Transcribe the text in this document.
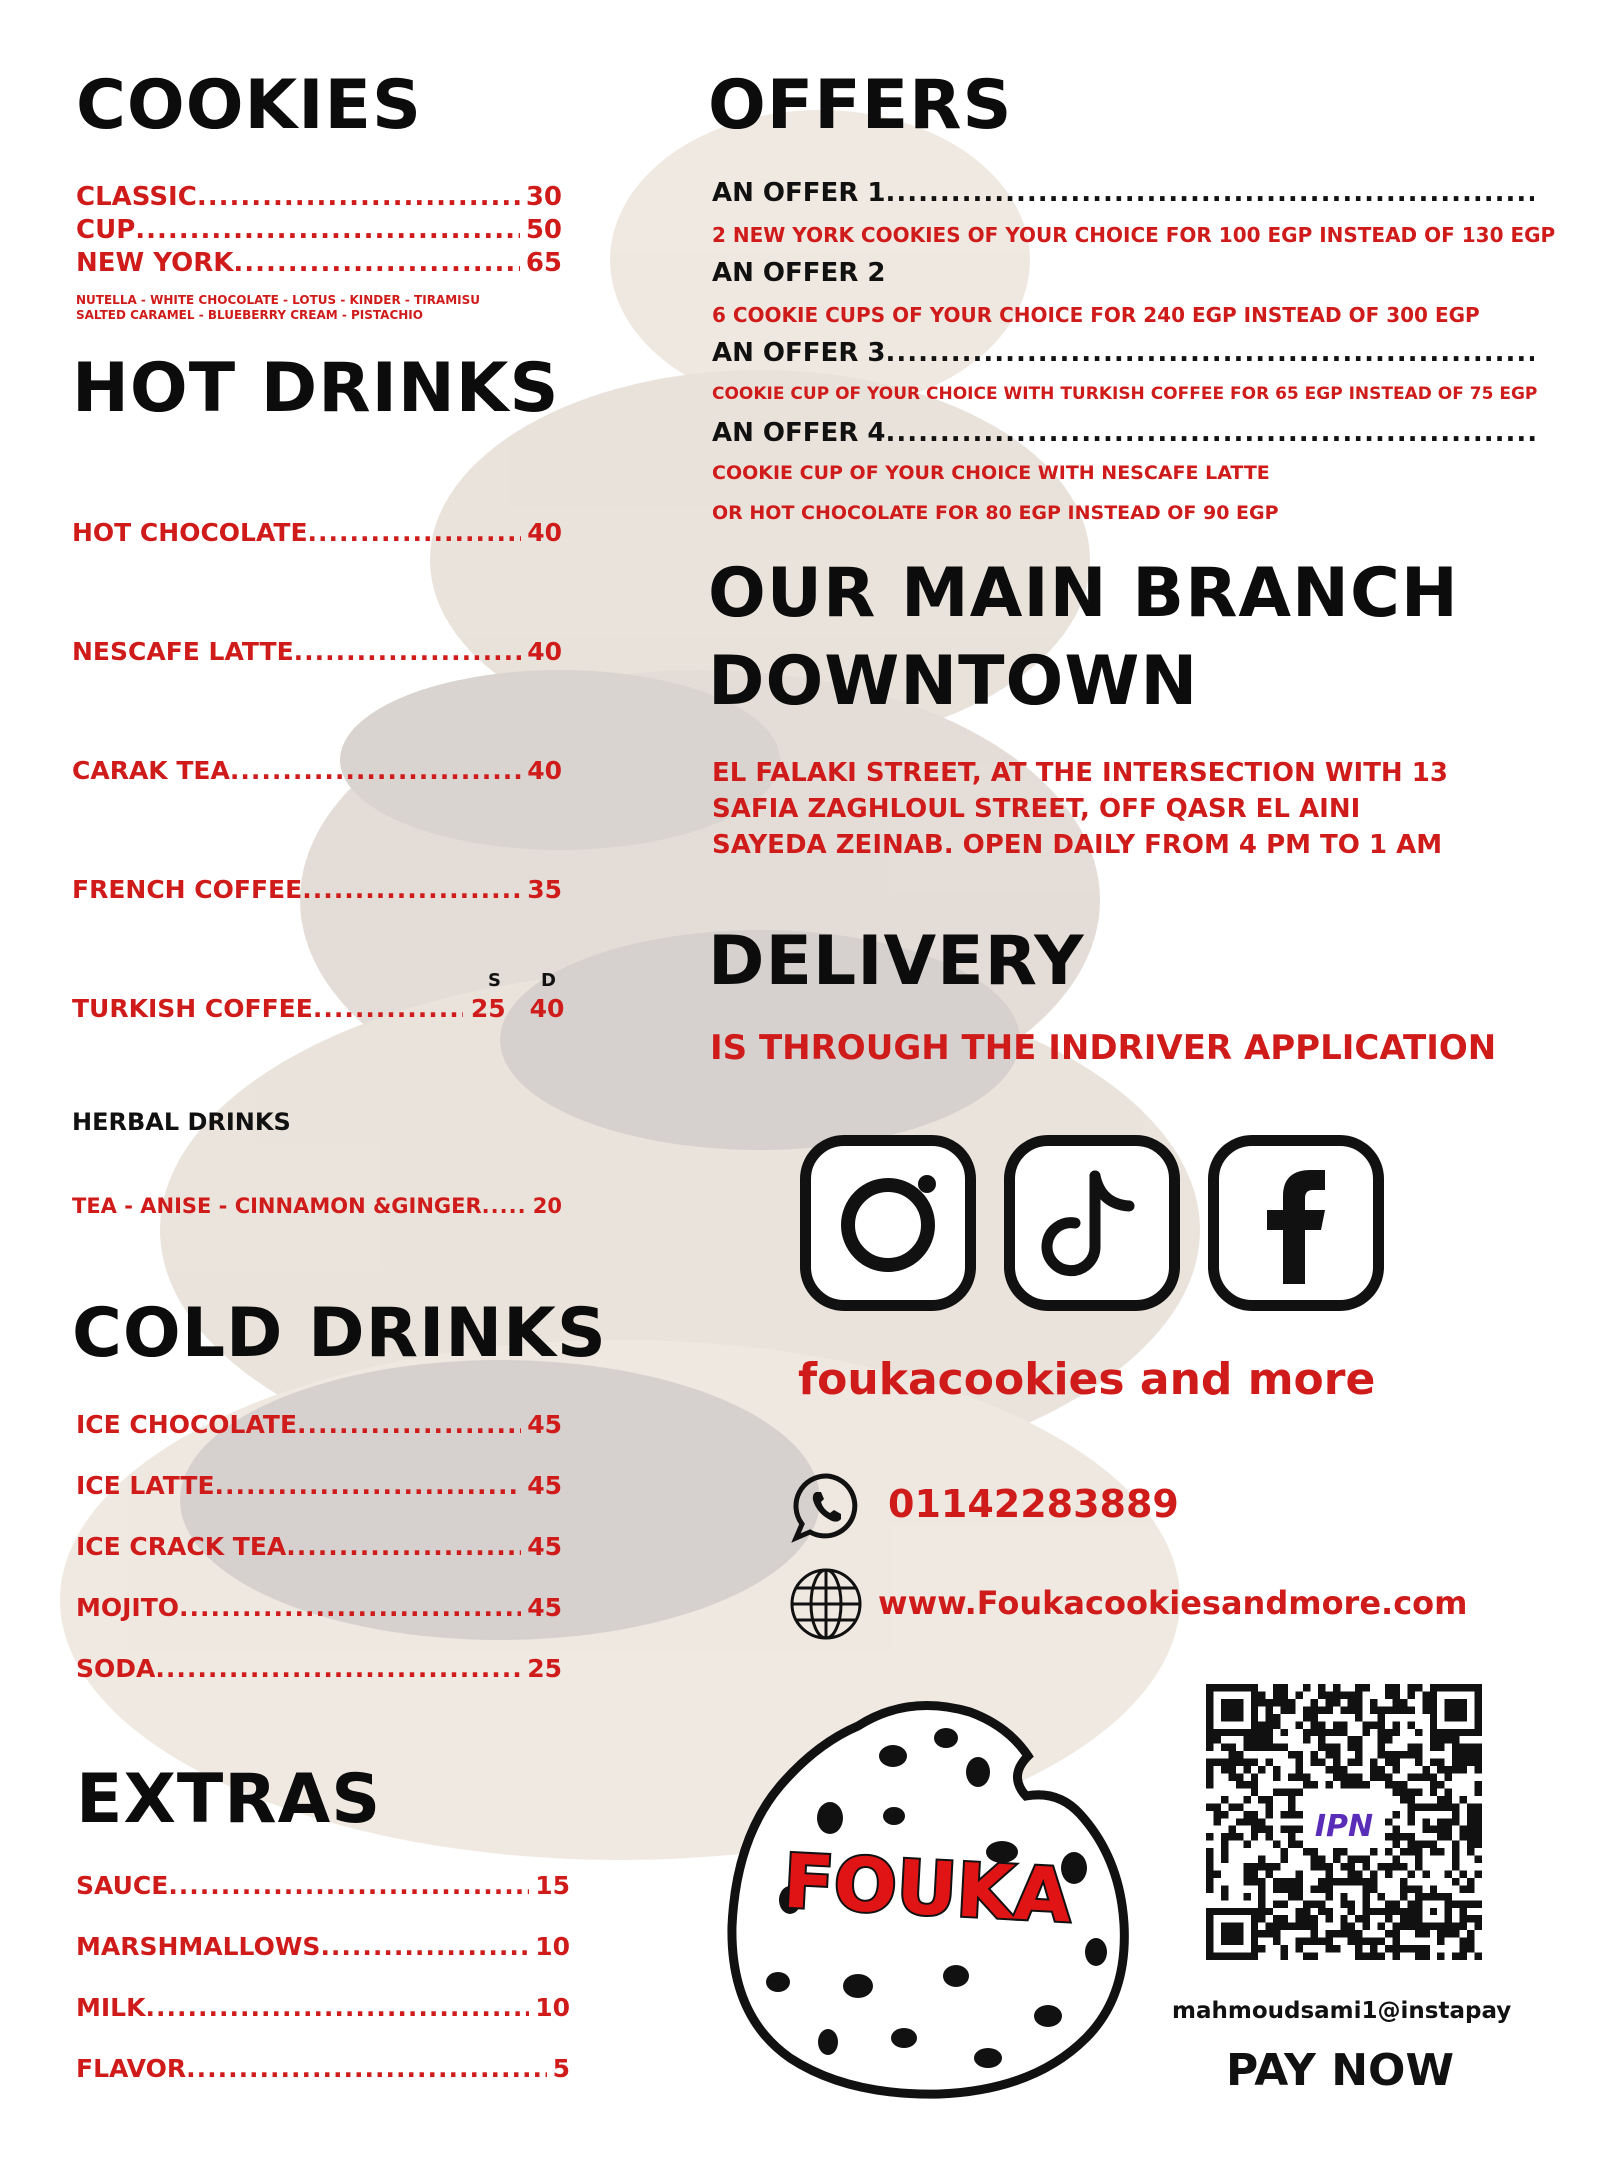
COOKIES
CLASSIC .....	30
CUP .....	50
NEW YORK .....	65
NUTELLA - WHITE CHOCOLATE - LOTUS - KINDER - TIRAMISU
SALTED CARAMEL - BLUEBERRY CREAM - PISTACHIO
HOT DRINKS
HOT CHOCOLATE .....	40
NESCAFE LATTE .....	40
CARAK TEA .....	40
FRENCH COFFEE .....	35
S D
TURKISH COFFEE .....	25 40
HERBAL DRINKS
TEA - ANISE - CINNAMON &GINGER ..... 20
COLD DRINKS
ICE CHOCOLATE .....	45
ICE LATTE .....	45
ICE CRACK TEA .....	45
MOJITO .....	45
SODA .....	25
EXTRAS
SAUCE .....	15
MARSHMALLOWS .....	10
MILK .....	10
FLAVOR .....	5
OFFERS
AN OFFER 1
.....
2 NEW YORK COOKIES OF YOUR CHOICE FOR 100 EGP INSTEAD OF 130 EGP
AN OFFER 2
6 COOKIE CUPS OF YOUR CHOICE FOR 240 EGP INSTEAD OF 300 EGP
AN OFFER 3
.....
COOKIE CUP OF YOUR CHOICE WITH TURKISH COFFEE FOR 65 EGP INSTEAD OF 75 EGP
AN OFFER 4
.....
COOKIE CUP OF YOUR CHOICE WITH NESCAFE LATTE
OR HOT CHOCOLATE FOR 80 EGP INSTEAD OF 90 EGP
OUR MAIN BRANCH
DOWNTOWN
EL FALAKI STREET, AT THE INTERSECTION WITH 13
SAFIA ZAGHLOUL STREET, OFF QASR EL AINI
SAYEDA ZEINAB. OPEN DAILY FROM 4 PM TO 1 AM
DELIVERY
IS THROUGH THE INDRIVER APPLICATION
foukacookies and more
01142283889
www.Foukacookiesandmore.com
FOUKA
IPN
mahmoudsami1@instapay
PAY NOW
